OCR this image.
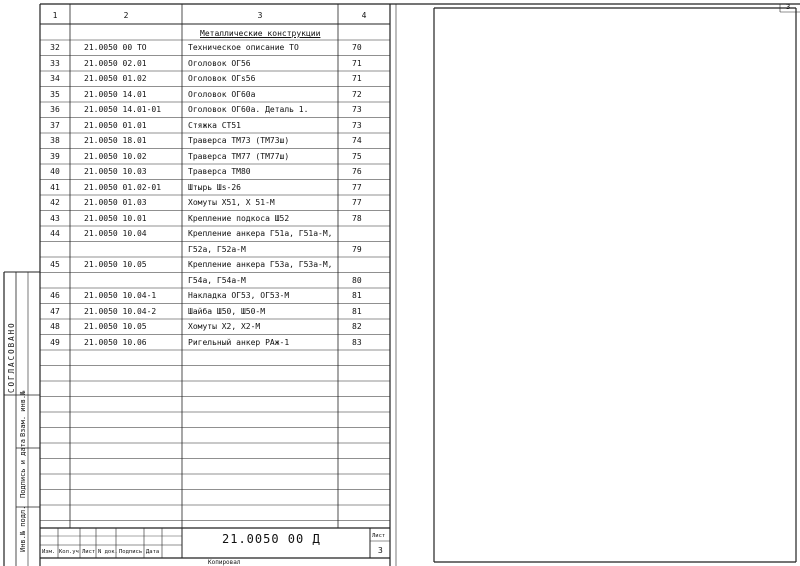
1	2	3	4
Металлические конструкции
32	21.0050 00 ТО	Техническое описание ТО	70
33	21.0050 02.01	Оголовок ОГ56	71
34	21.0050 01.02	Оголовок ОГs56	71
35	21.0050 14.01	Оголовок ОГ60а	72
36	21.0050 14.01-01	Оголовок ОГ60а. Деталь 1.	73
37	21.0050 01.01	Стяжка СТ51	73
38	21.0050 18.01	Траверса ТМ73 (ТМ73ш)	74
39	21.0050 10.02	Траверса ТМ77 (ТМ77ш)	75
40	21.0050 10.03	Траверса ТМ80	76
41	21.0050 01.02-01	Штырь Шs-26	77
42	21.0050 01.03	Хомуты Х51, Х 51-М	77
43	21.0050 10.01	Крепление подкоса Ш52	78
44	21.0050 10.04	Крепление анкера Г51а, Г51а-М,
Г52а, Г52а-М	79
45	21.0050 10.05	Крепление анкера Г53а, Г53а-М,
Г54а, Г54а-М	80
46	21.0050 10.04-1	Накладка ОГ53, ОГ53-М	81
47	21.0050 10.04-2	Шайба Ш50, Ш50-М	81
48	21.0050 10.05	Хомуты Х2, Х2-М	82
49	21.0050 10.06	Ригельный анкер РАж-1	83
СОГЛАСОВАНО
Взам. инв.№
Подпись и дата
Инв.№ подл.	21.0050 00 Д	Лист
3
Изм. Кол.уч Лист N док. Подпись Дата
Копировал
3
